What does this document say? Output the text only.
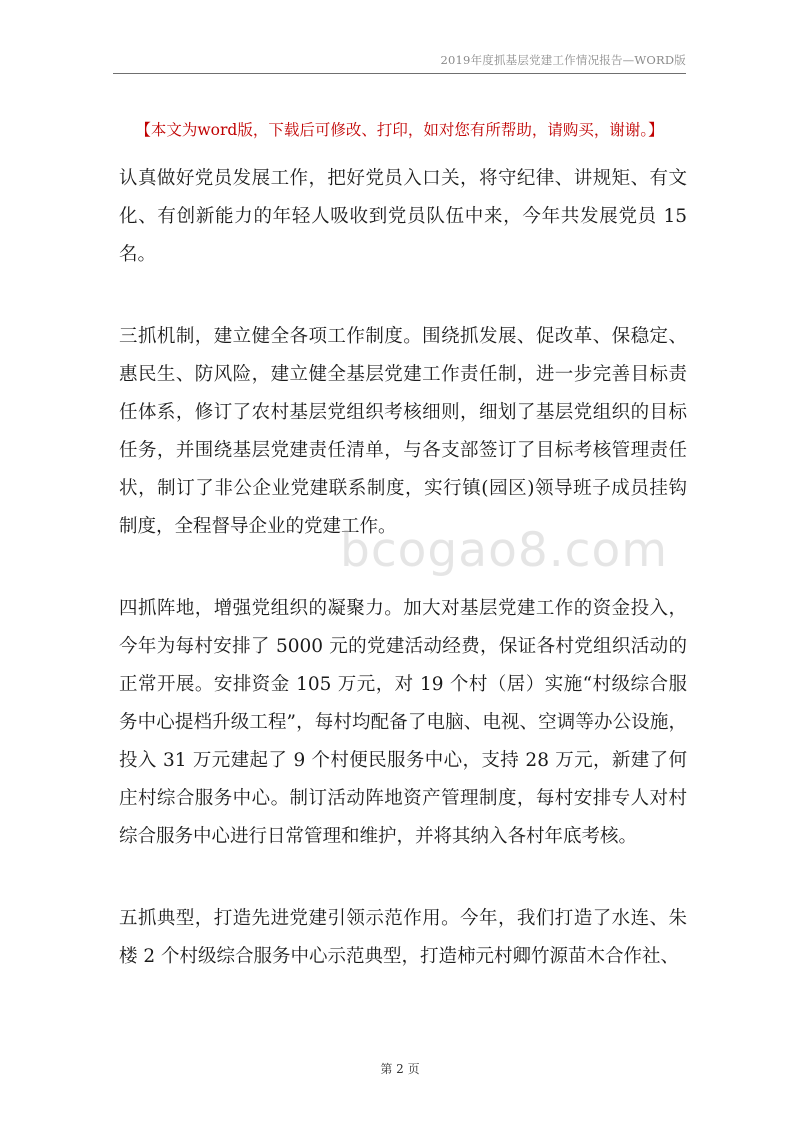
2019年度抓基层党建工作情况报告—WORD版
【本文为word版，下载后可修改、打印，如对您有所帮助，请购买，谢谢。】

认真做好党员发展工作，把好党员入口关，将守纪律、讲规矩、有文化、有创新能力的年轻人吸收到党员队伍中来，今年共发展党员 15名。

三抓机制，建立健全各项工作制度。围绕抓发展、促改革、保稳定、惠民生、防风险，建立健全基层党建工作责任制，进一步完善目标责任体系，修订了农村基层党组织考核细则，细划了基层党组织的目标任务，并围绕基层党建责任清单，与各支部签订了目标考核管理责任状，制订了非公企业党建联系制度，实行镇(园区)领导班子成员挂钩制度，全程督导企业的党建工作。

四抓阵地，增强党组织的凝聚力。加大对基层党建工作的资金投入，今年为每村安排了 5000 元的党建活动经费，保证各村党组织活动的正常开展。安排资金 105 万元，对 19 个村（居）实施“村级综合服务中心提档升级工程”，每村均配备了电脑、电视、空调等办公设施，投入 31 万元建起了 9 个村便民服务中心，支持 28 万元，新建了何庄村综合服务中心。制订活动阵地资产管理制度，每村安排专人对村综合服务中心进行日常管理和维护，并将其纳入各村年底考核。

五抓典型，打造先进党建引领示范作用。今年，我们打造了水连、朱楼 2 个村级综合服务中心示范典型，打造柿元村卿竹源苗木合作社、

bcogao8.com
第 2 页
